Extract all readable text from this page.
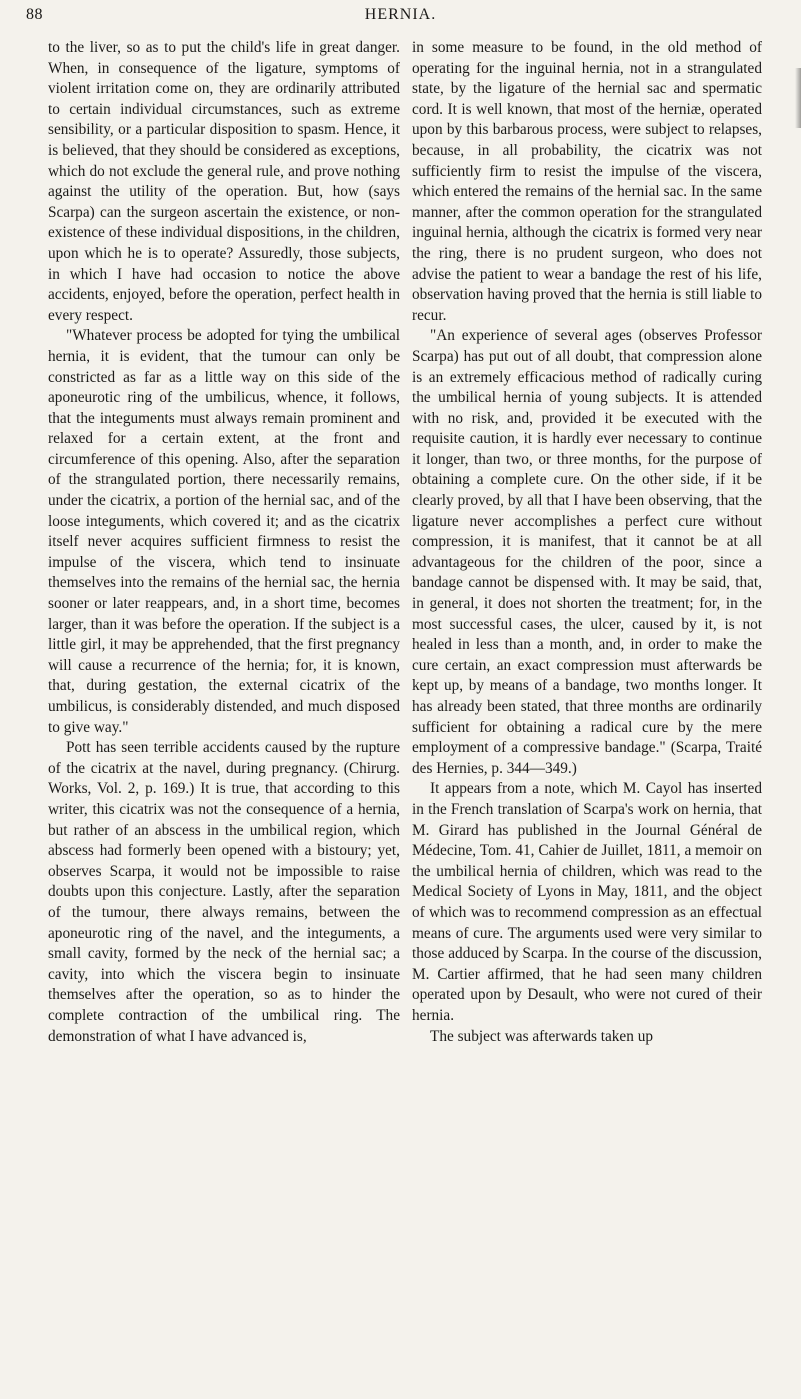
88	HERNIA.

to the liver, so as to put the child's life in great danger. When, in consequence of the ligature, symptoms of violent irritation come on, they are ordinarily attributed to certain individual circumstances, such as extreme sensibility, or a particular disposition to spasm. Hence, it is believed, that they should be considered as exceptions, which do not exclude the general rule, and prove nothing against the utility of the operation. But, how (says Scarpa) can the surgeon ascertain the existence, or non-existence of these individual dispositions, in the children, upon which he is to operate? Assuredly, those subjects, in which I have had occasion to notice the above accidents, enjoyed, before the operation, perfect health in every respect.

"Whatever process be adopted for tying the umbilical hernia, it is evident, that the tumour can only be constricted as far as a little way on this side of the aponeurotic ring of the umbilicus, whence, it follows, that the integuments must always remain prominent and relaxed for a certain extent, at the front and circumference of this opening. Also, after the separation of the strangulated portion, there necessarily remains, under the cicatrix, a portion of the hernial sac, and of the loose integuments, which covered it; and as the cicatrix itself never acquires sufficient firmness to resist the impulse of the viscera, which tend to insinuate themselves into the remains of the hernial sac, the hernia sooner or later reappears, and, in a short time, becomes larger, than it was before the operation. If the subject is a little girl, it may be apprehended, that the first pregnancy will cause a recurrence of the hernia; for, it is known, that, during gestation, the external cicatrix of the umbilicus, is considerably distended, and much disposed to give way."

Pott has seen terrible accidents caused by the rupture of the cicatrix at the navel, during pregnancy. (Chirurg. Works, Vol. 2, p. 169.) It is true, that according to this writer, this cicatrix was not the consequence of a hernia, but rather of an abscess in the umbilical region, which abscess had formerly been opened with a bistoury; yet, observes Scarpa, it would not be impossible to raise doubts upon this conjecture. Lastly, after the separation of the tumour, there always remains, between the aponeurotic ring of the navel, and the integuments, a small cavity, formed by the neck of the hernial sac; a cavity, into which the viscera begin to insinuate themselves after the operation, so as to hinder the complete contraction of the umbilical ring. The demonstration of what I have advanced is,

in some measure to be found, in the old method of operating for the inguinal hernia, not in a strangulated state, by the ligature of the hernial sac and spermatic cord. It is well known, that most of the herniæ, operated upon by this barbarous process, were subject to relapses, because, in all probability, the cicatrix was not sufficiently firm to resist the impulse of the viscera, which entered the remains of the hernial sac. In the same manner, after the common operation for the strangulated inguinal hernia, although the cicatrix is formed very near the ring, there is no prudent surgeon, who does not advise the patient to wear a bandage the rest of his life, observation having proved that the hernia is still liable to recur.

"An experience of several ages (observes Professor Scarpa) has put out of all doubt, that compression alone is an extremely efficacious method of radically curing the umbilical hernia of young subjects. It is attended with no risk, and, provided it be executed with the requisite caution, it is hardly ever necessary to continue it longer, than two, or three months, for the purpose of obtaining a complete cure. On the other side, if it be clearly proved, by all that I have been observing, that the ligature never accomplishes a perfect cure without compression, it is manifest, that it cannot be at all advantageous for the children of the poor, since a bandage cannot be dispensed with. It may be said, that, in general, it does not shorten the treatment; for, in the most successful cases, the ulcer, caused by it, is not healed in less than a month, and, in order to make the cure certain, an exact compression must afterwards be kept up, by means of a bandage, two months longer. It has already been stated, that three months are ordinarily sufficient for obtaining a radical cure by the mere employment of a compressive bandage." (Scarpa, Traité des Hernies, p. 344—349.)

It appears from a note, which M. Cayol has inserted in the French translation of Scarpa's work on hernia, that M. Girard has published in the Journal Général de Médecine, Tom. 41, Cahier de Juillet, 1811, a memoir on the umbilical hernia of children, which was read to the Medical Society of Lyons in May, 1811, and the object of which was to recommend compression as an effectual means of cure. The arguments used were very similar to those adduced by Scarpa. In the course of the discussion, M. Cartier affirmed, that he had seen many children operated upon by Desault, who were not cured of their hernia.

The subject was afterwards taken up
